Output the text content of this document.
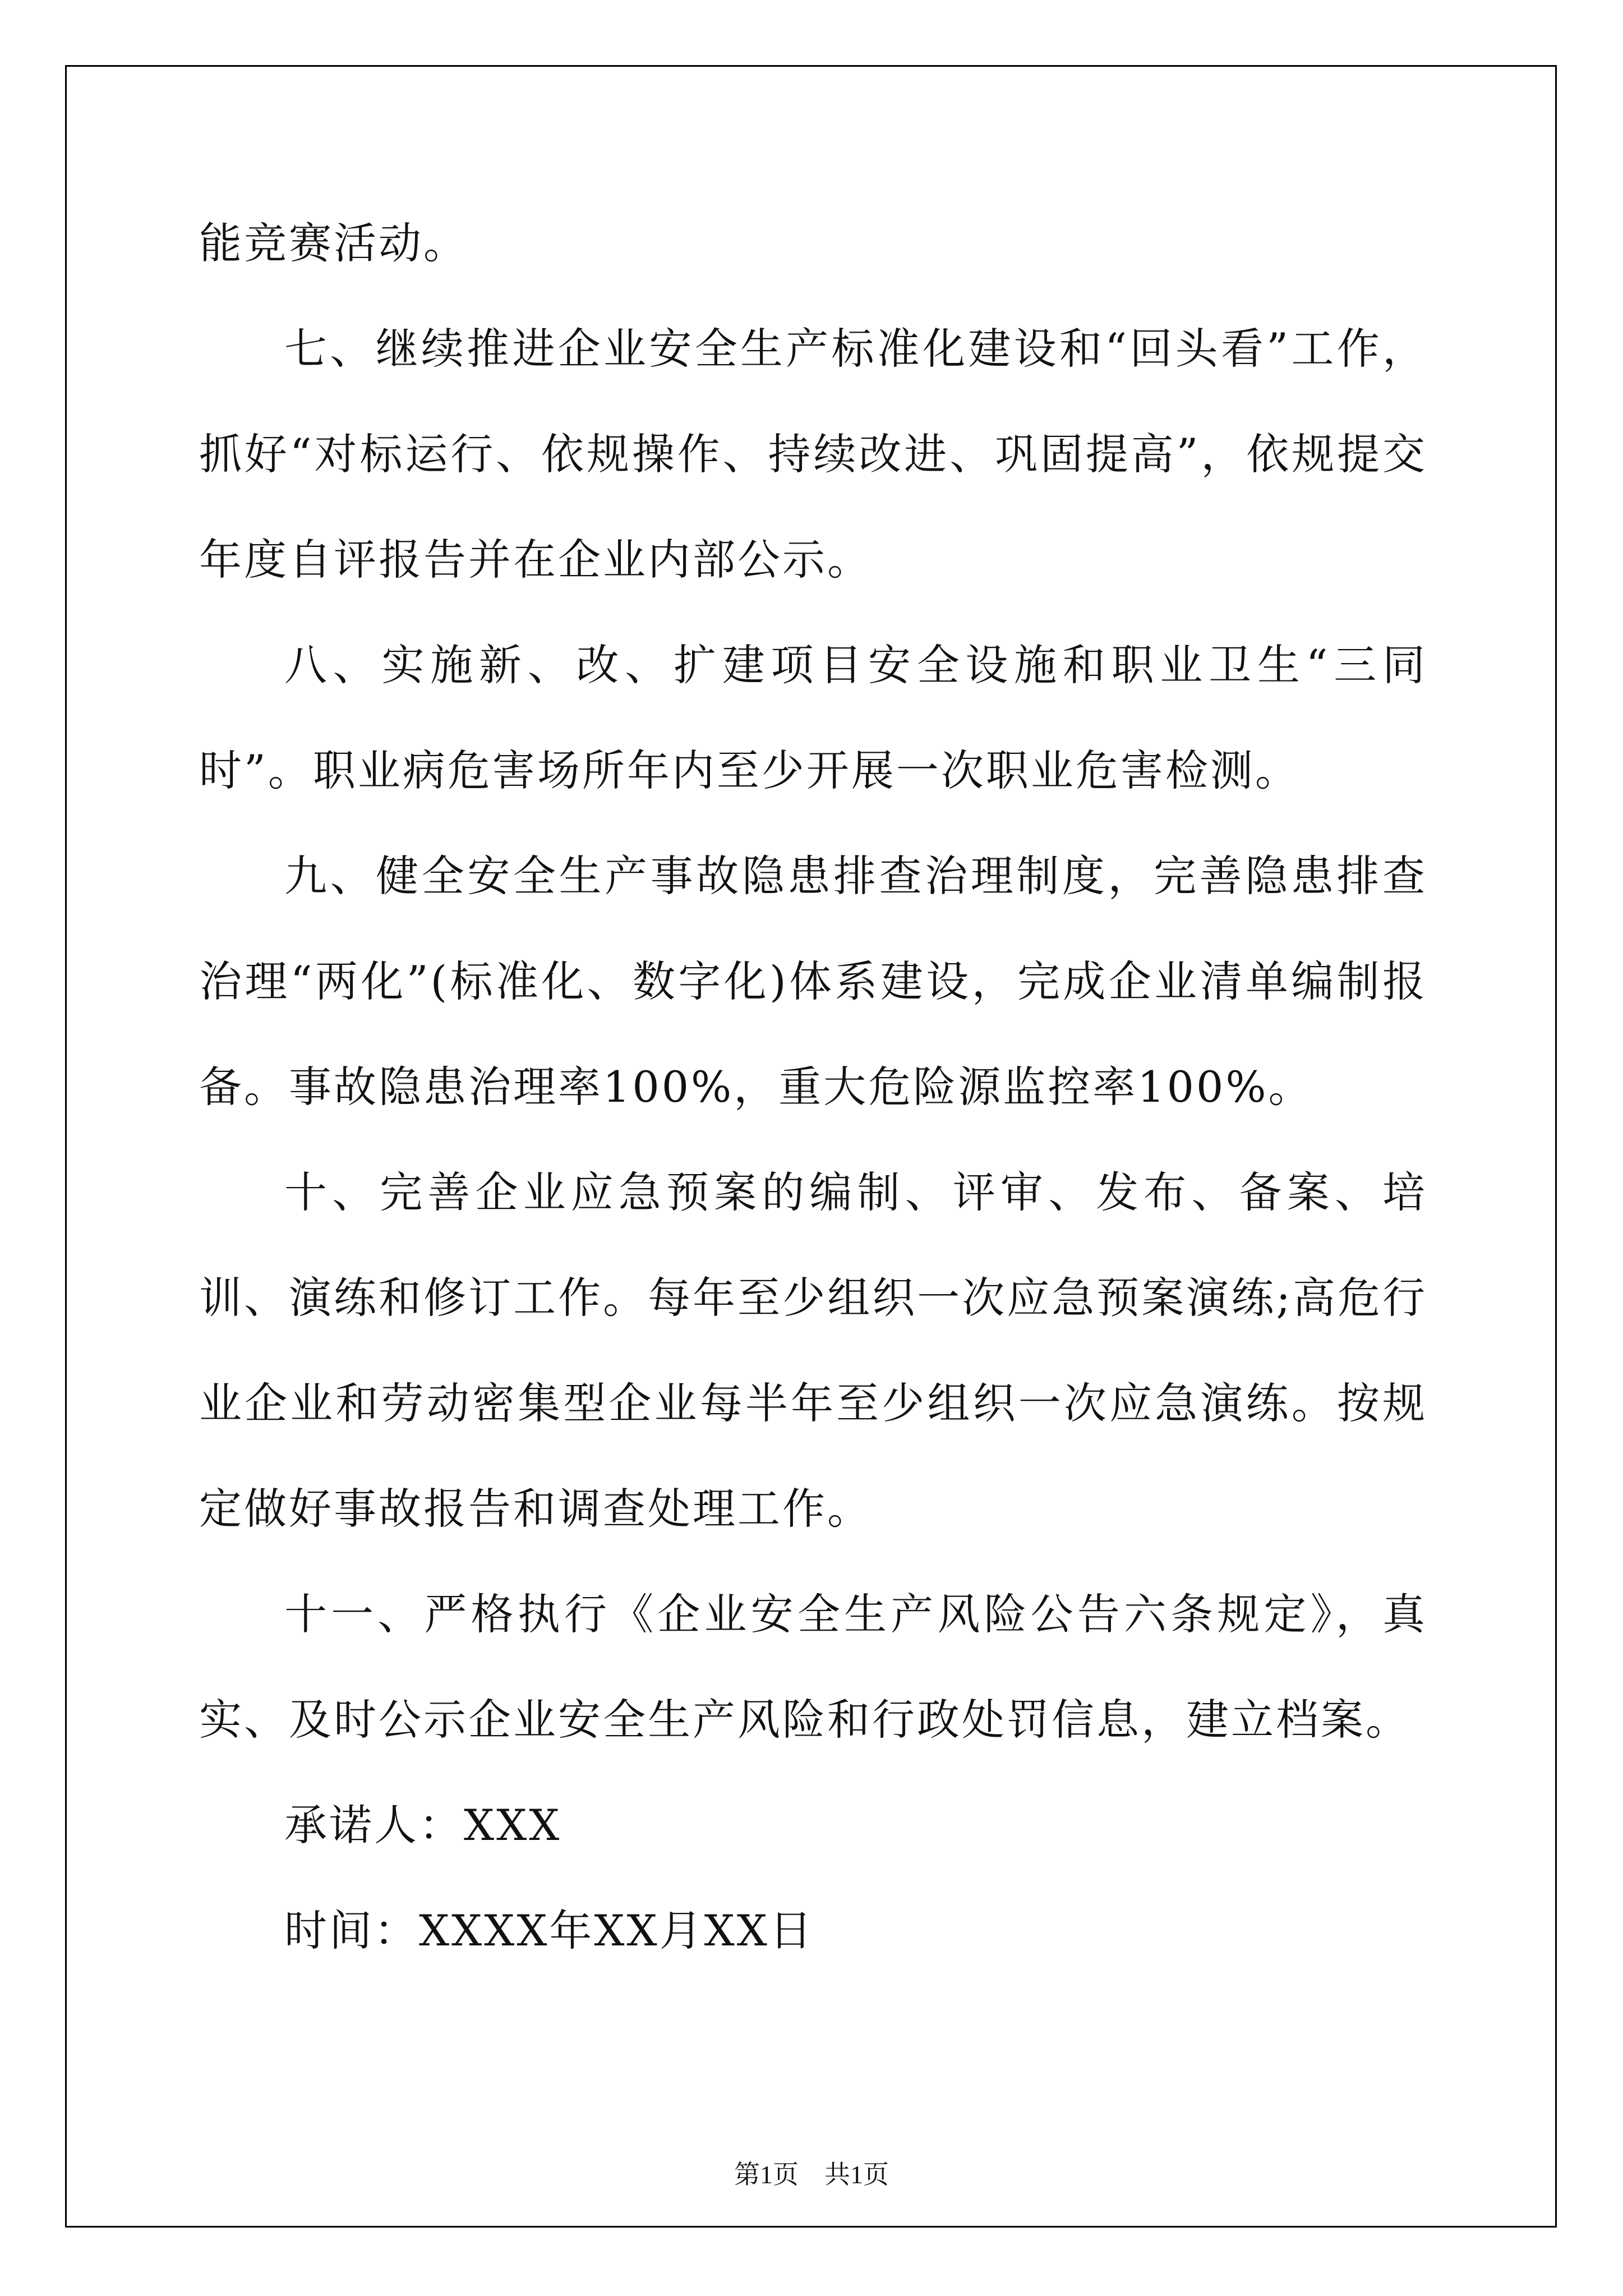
能竞赛活动。

七、继续推进企业安全生产标准化建设和“回头看”工作，抓好“对标运行、依规操作、持续改进、巩固提高”，依规提交年度自评报告并在企业内部公示。

八、实施新、改、扩建项目安全设施和职业卫生“三同时”。职业病危害场所年内至少开展一次职业危害检测。

九、健全安全生产事故隐患排查治理制度，完善隐患排查治理“两化”(标准化、数字化)体系建设，完成企业清单编制报备。事故隐患治理率100%，重大危险源监控率100%。

十、完善企业应急预案的编制、评审、发布、备案、培训、演练和修订工作。每年至少组织一次应急预案演练;高危行业企业和劳动密集型企业每半年至少组织一次应急演练。按规定做好事故报告和调查处理工作。

十一、严格执行《企业安全生产风险公告六条规定》，真实、及时公示企业安全生产风险和行政处罚信息，建立档案。

承诺人：XXX

时间：XXXX年XX月XX日

第1页　共1页
